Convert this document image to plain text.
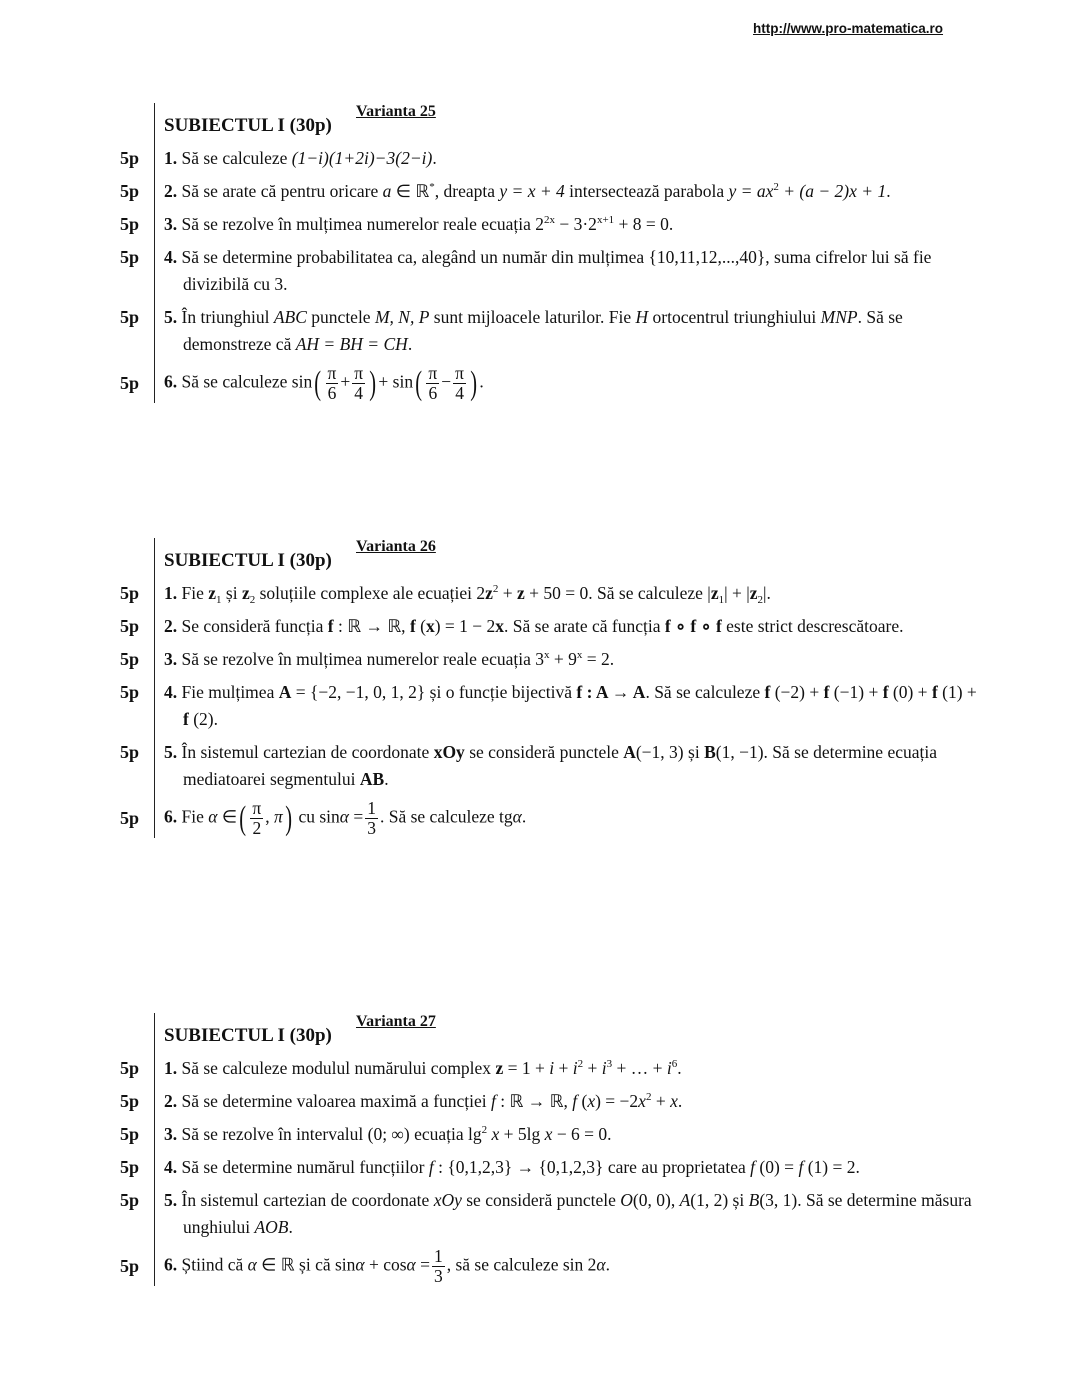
http://www.pro-matematica.ro
SUBIECTUL I (30p)
Varianta 25
5p	1. Să se calculeze (1−i)(1+2i)−3(2−i).
5p	2. Să se arate că pentru oricare a ∈ ℝ*, dreapta y = x + 4 intersectează parabola $y = ax^2 + (a - 2)x + 1$.
5p	3. Să se rezolve în mulțimea numerelor reale ecuația $2^{2x} - 3\cdot 2^{x+1} + 8 = 0$.
5p	4. Să se determine probabilitatea ca, alegând un număr din mulțimea {10,11,12,...,40}, suma cifrelor lui să fie divizibilă cu 3.
5p	5. În triunghiul ABC punctele M, N, P sunt mijloacele laturilor. Fie H ortocentrul triunghiului MNP. Să se demonstreze că AH = BH = CH.
5p	6. Să se calculeze $\sin( \frac{\pi}{6} + \frac{\pi}{4}$ ) + $\sin( \frac{\pi}{6} - \frac{\pi}{4}$ ) .
SUBIECTUL I (30p)
Varianta 26
5p	1. Fie $z_1$ și $z_2$ soluțiile complexe ale ecuației $2z^2 + z + 50 = 0$. Să se calculeze $|z_1| + |z_2|$.
5p	2. Se consideră funcția f : ℝ → ℝ, f (x) = 1 − 2x. Să se arate că funcția f ∘ f ∘ f este strict descrescătoare.
5p	3. Să se rezolve în mulțimea numerelor reale ecuația $3^x + 9^x = 2$.
5p	4. Fie mulțimea A = {−2, −1, 0, 1, 2} și o funcție bijectivă f : A → A. Să se calculeze f (−2) + f (−1) + f (0) + f (1) + f (2).
5p	5. În sistemul cartezian de coordonate xOy se consideră punctele A(−1, 3) și B(1, −1). Să se determine ecuația mediatoarei segmentului AB.
5p	6. Fie α ∈( $\frac{\pi}{2}$ , π) cu $\sin\alpha = \frac{1}{3}$ . Să se calculeze tgα.
SUBIECTUL I (30p)
Varianta 27
5p	1. Să se calculeze modulul numărului complex $z = 1 + i + i^2 + i^3$ + … + $i^6$.
5p	2. Să se determine valoarea maximă a funcției f : ℝ → ℝ, f $(x) = -2x^2 + x$.
5p	3. Să se rezolve în intervalul (0; ∞) ecuația $\lg^2 x + 5\lg$ x − 6 = 0.
5p	4. Să se determine numărul funcțiilor f : {0,1,2,3} → {0,1,2,3} care au proprietatea f (0) = f (1) = 2.
5p	5. În sistemul cartezian de coordonate xOy se consideră punctele O(0, 0), A(1, 2) și B(3, 1). Să se determine măsura unghiului AOB.
5p	6. Știind că α ∈ ℝ și că $\sin\alpha + \cos\alpha = \frac{1}{3}$ , să se calculeze sin 2α.
